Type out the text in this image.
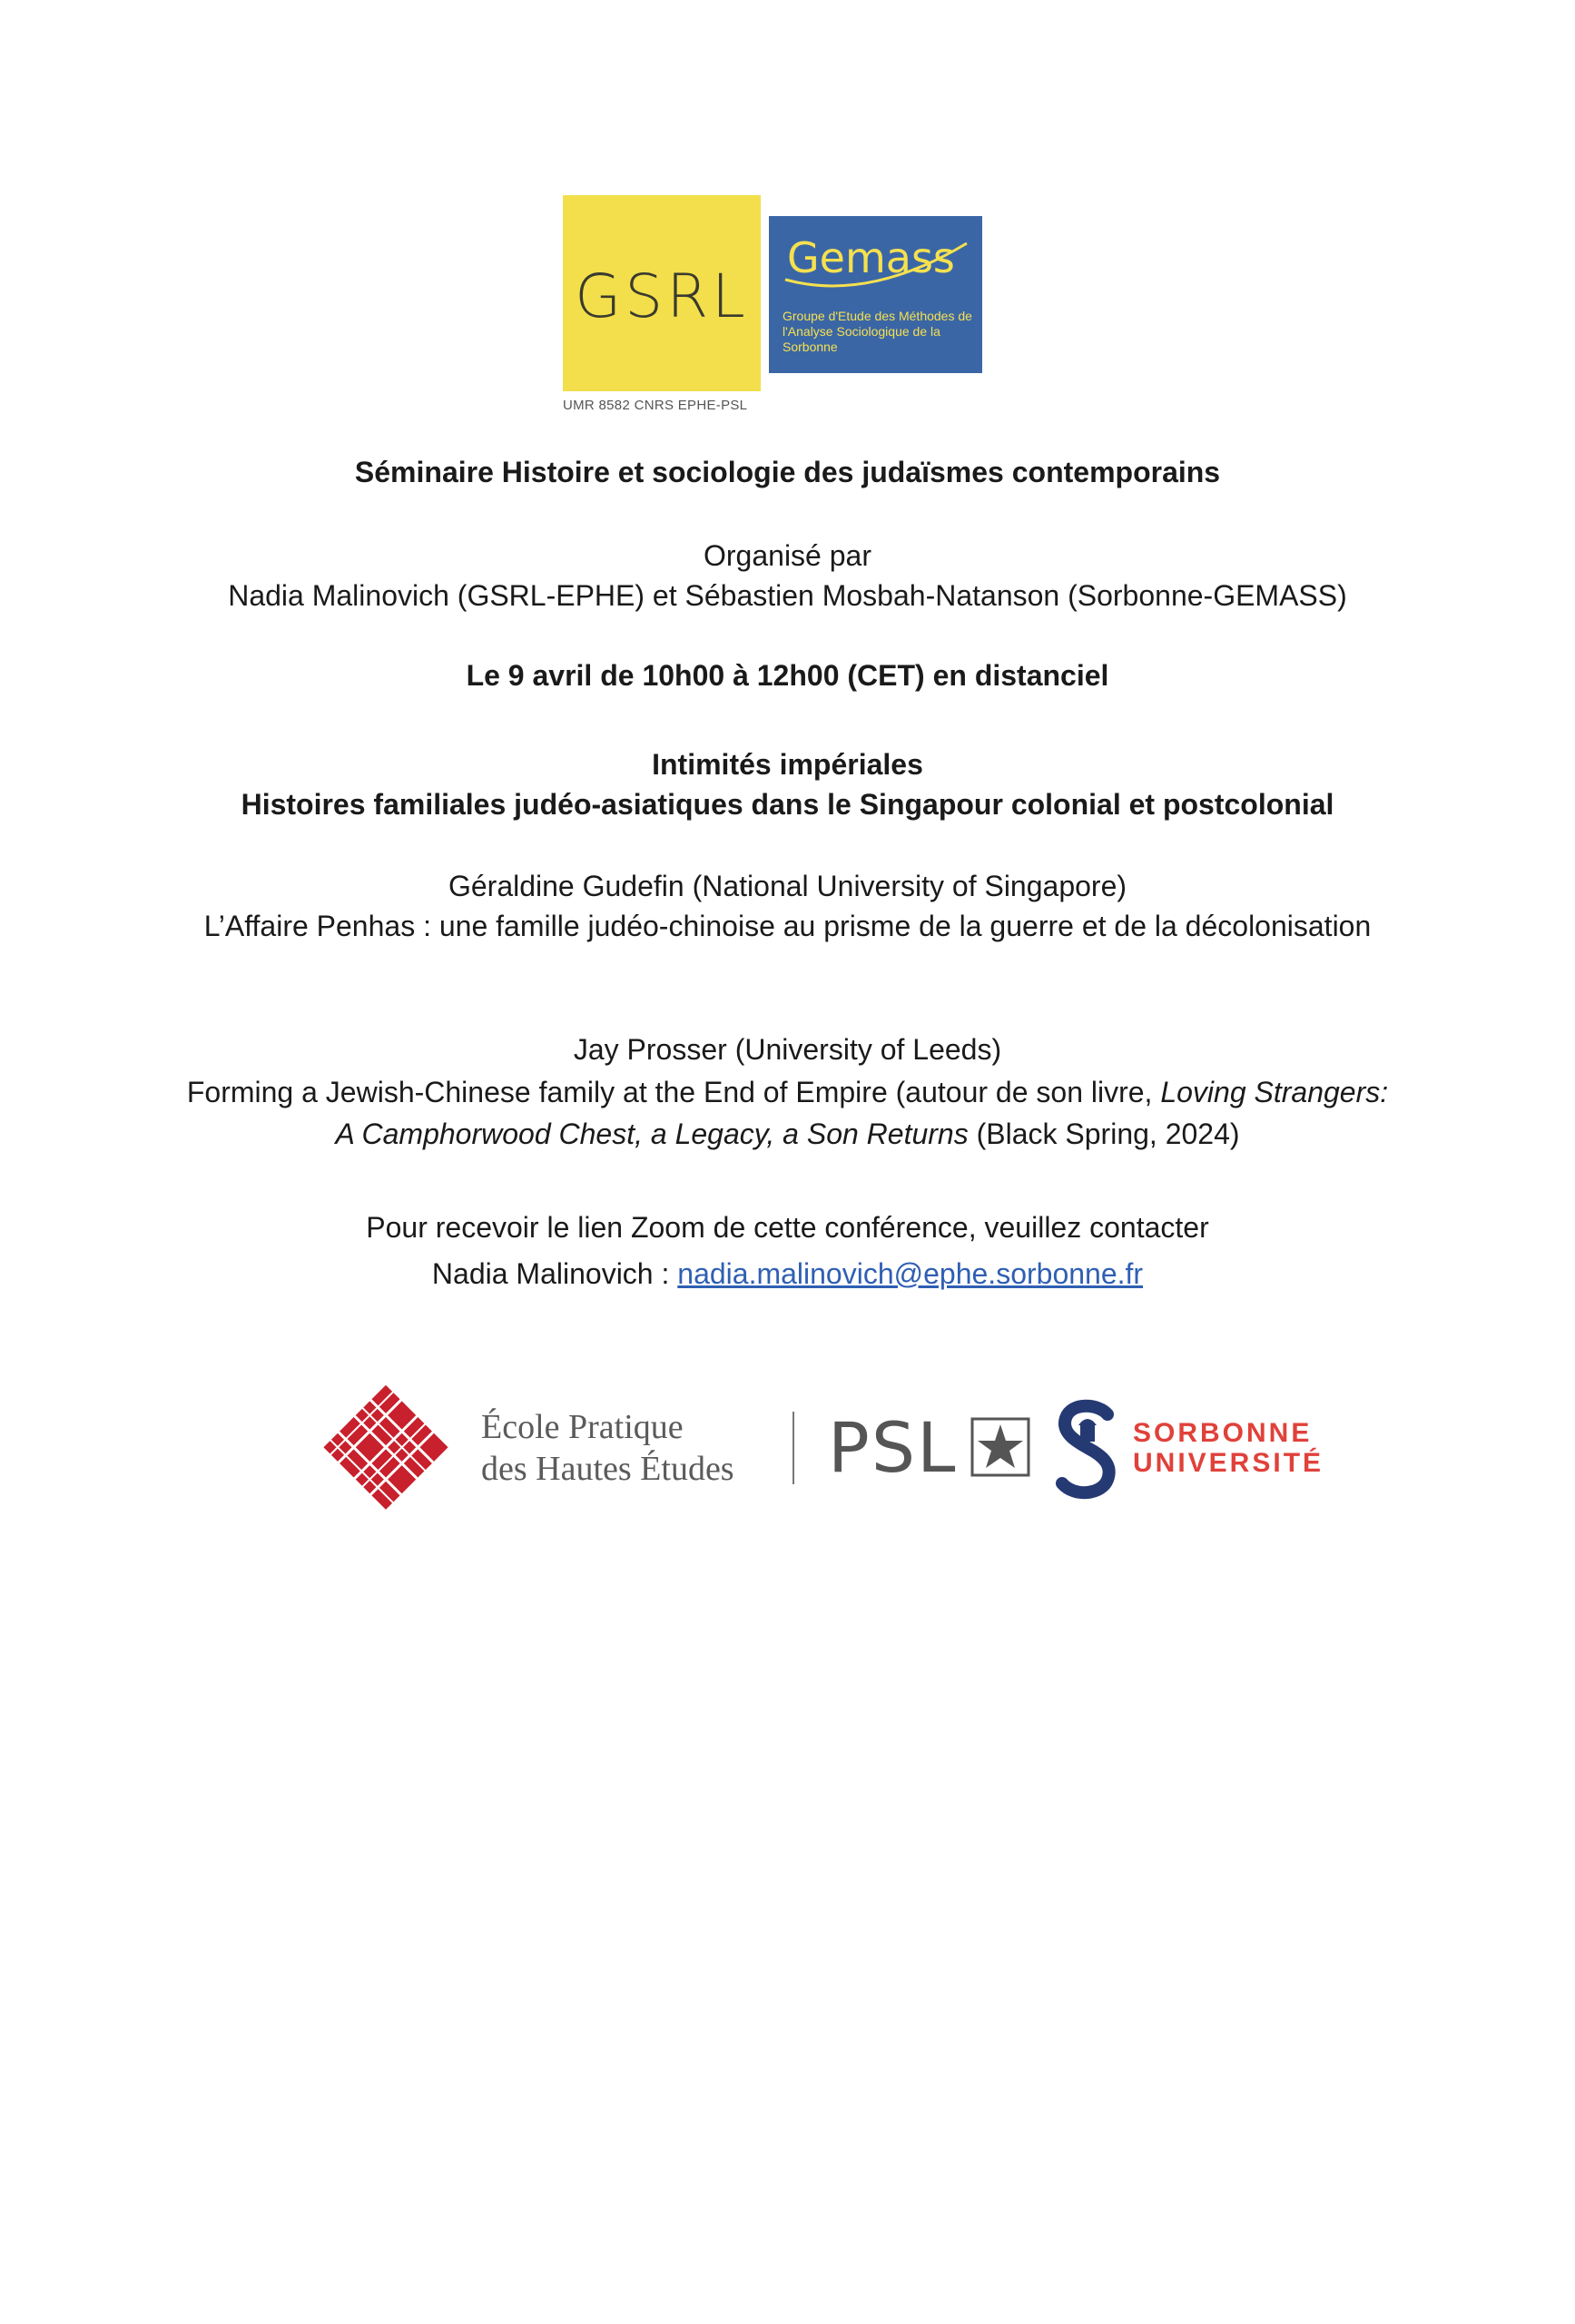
GSRL
UMR 8582 CNRS EPHE-PSL
Gemass
Groupe d'Etude des Méthodes de l'Analyse Sociologique de la Sorbonne
Séminaire Histoire et sociologie des judaïsmes contemporains
Organisé par
Nadia Malinovich (GSRL-EPHE) et Sébastien Mosbah-Natanson (Sorbonne-GEMASS)
Le 9 avril de 10h00 à 12h00 (CET) en distanciel
Intimités impériales
Histoires familiales judéo-asiatiques dans le Singapour colonial et postcolonial
Géraldine Gudefin (National University of Singapore)
L’Affaire Penhas : une famille judéo-chinoise au prisme de la guerre et de la décolonisation
Jay Prosser (University of Leeds)
Forming a Jewish-Chinese family at the End of Empire (autour de son livre, Loving Strangers:
A Camphorwood Chest, a Legacy, a Son Returns (Black Spring, 2024)
Pour recevoir le lien Zoom de cette conférence, veuillez contacter
Nadia Malinovich : nadia.malinovich@ephe.sorbonne.fr
École Pratique
des Hautes Études PSL	SORBONNE
UNIVERSITÉ
